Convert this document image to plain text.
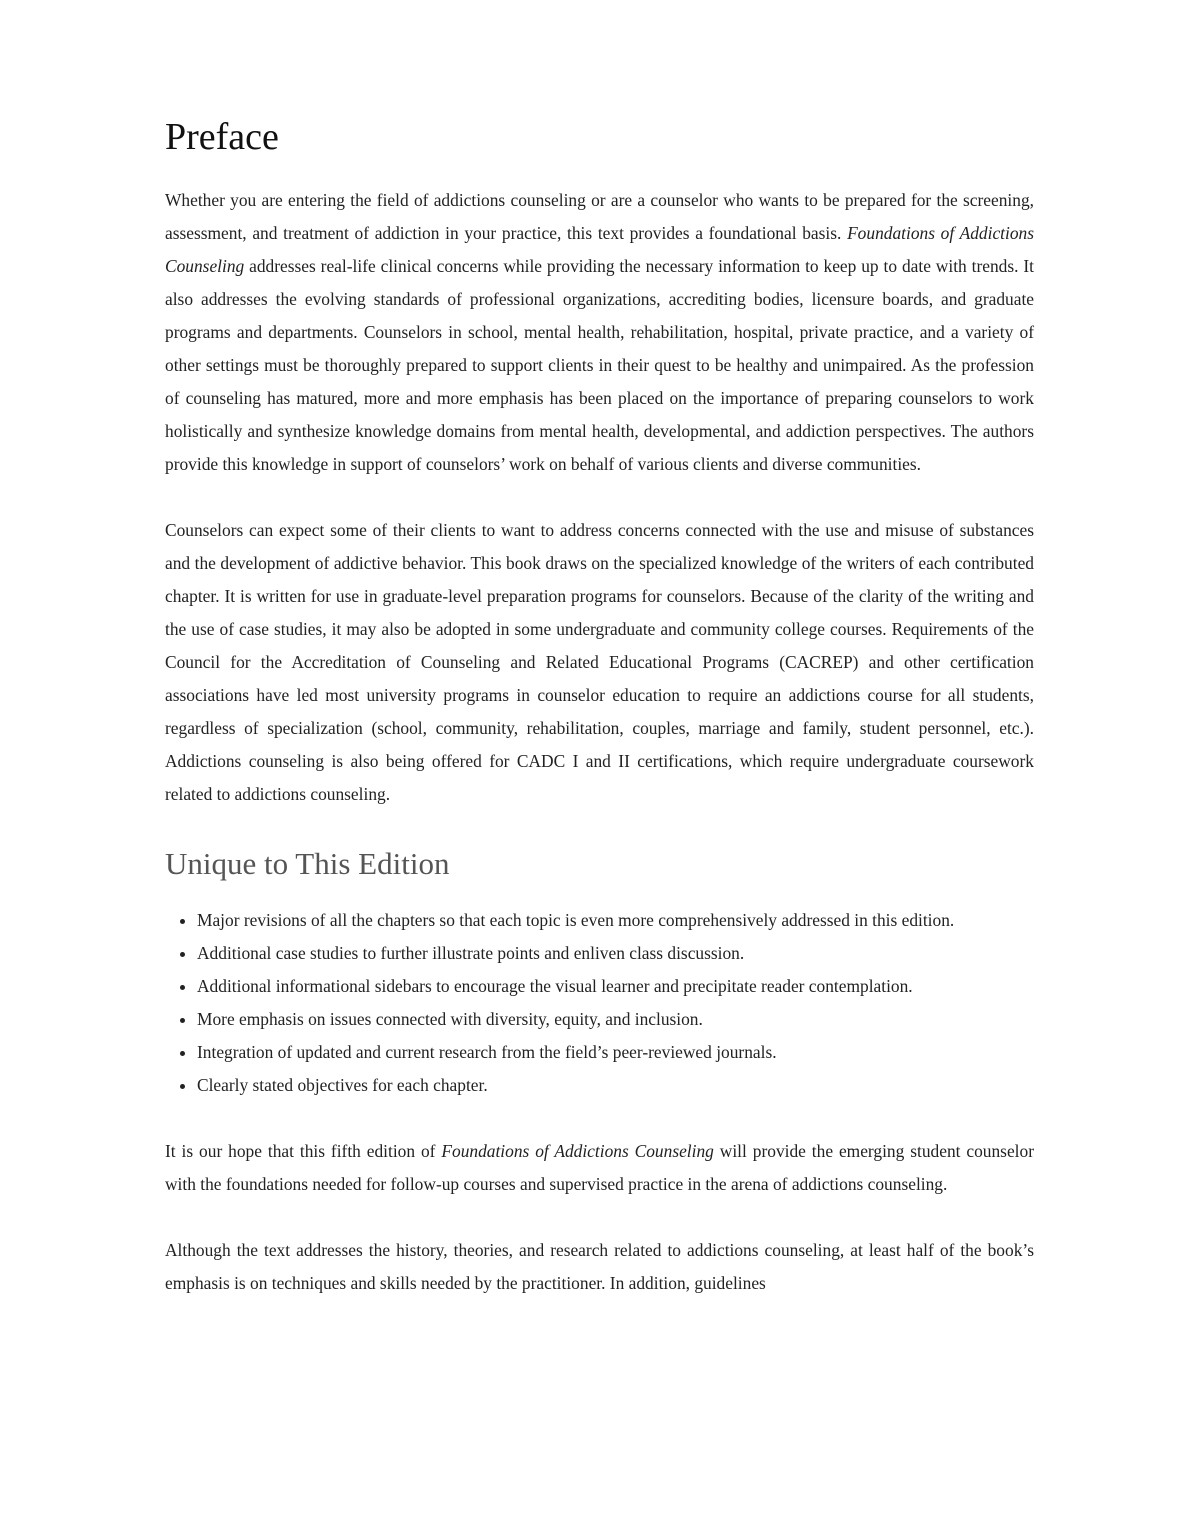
Preface

Whether you are entering the field of addictions counseling or are a counselor who wants to be prepared for the screening, assessment, and treatment of addiction in your practice, this text provides a foundational basis. Foundations of Addictions Counseling addresses real-life clinical concerns while providing the necessary information to keep up to date with trends. It also addresses the evolving standards of professional organizations, accrediting bodies, licensure boards, and graduate programs and departments. Counselors in school, mental health, rehabilitation, hospital, private practice, and a variety of other settings must be thoroughly prepared to support clients in their quest to be healthy and unimpaired. As the profession of counseling has matured, more and more emphasis has been placed on the importance of preparing counselors to work holistically and synthesize knowledge domains from mental health, developmental, and addiction perspectives. The authors provide this knowledge in support of counselors’ work on behalf of various clients and diverse communities.

Counselors can expect some of their clients to want to address concerns connected with the use and misuse of substances and the development of addictive behavior. This book draws on the specialized knowledge of the writers of each contributed chapter. It is written for use in graduate-level preparation programs for counselors. Because of the clarity of the writing and the use of case studies, it may also be adopted in some undergraduate and community college courses. Requirements of the Council for the Accreditation of Counseling and Related Educational Programs (CACREP) and other certification associations have led most university programs in counselor education to require an addictions course for all students, regardless of specialization (school, community, rehabilitation, couples, marriage and family, student personnel, etc.). Addictions counseling is also being offered for CADC I and II certifications, which require undergraduate coursework related to addictions counseling.

Unique to This Edition
• Major revisions of all the chapters so that each topic is even more comprehensively addressed in this edition.
• Additional case studies to further illustrate points and enliven class discussion.
• Additional informational sidebars to encourage the visual learner and precipitate reader contemplation.
• More emphasis on issues connected with diversity, equity, and inclusion.
• Integration of updated and current research from the field’s peer-reviewed journals.
• Clearly stated objectives for each chapter.

It is our hope that this fifth edition of Foundations of Addictions Counseling will provide the emerging student counselor with the foundations needed for follow-up courses and supervised practice in the arena of addictions counseling.

Although the text addresses the history, theories, and research related to addictions counseling, at least half of the book’s emphasis is on techniques and skills needed by the practitioner. In addition, guidelines
